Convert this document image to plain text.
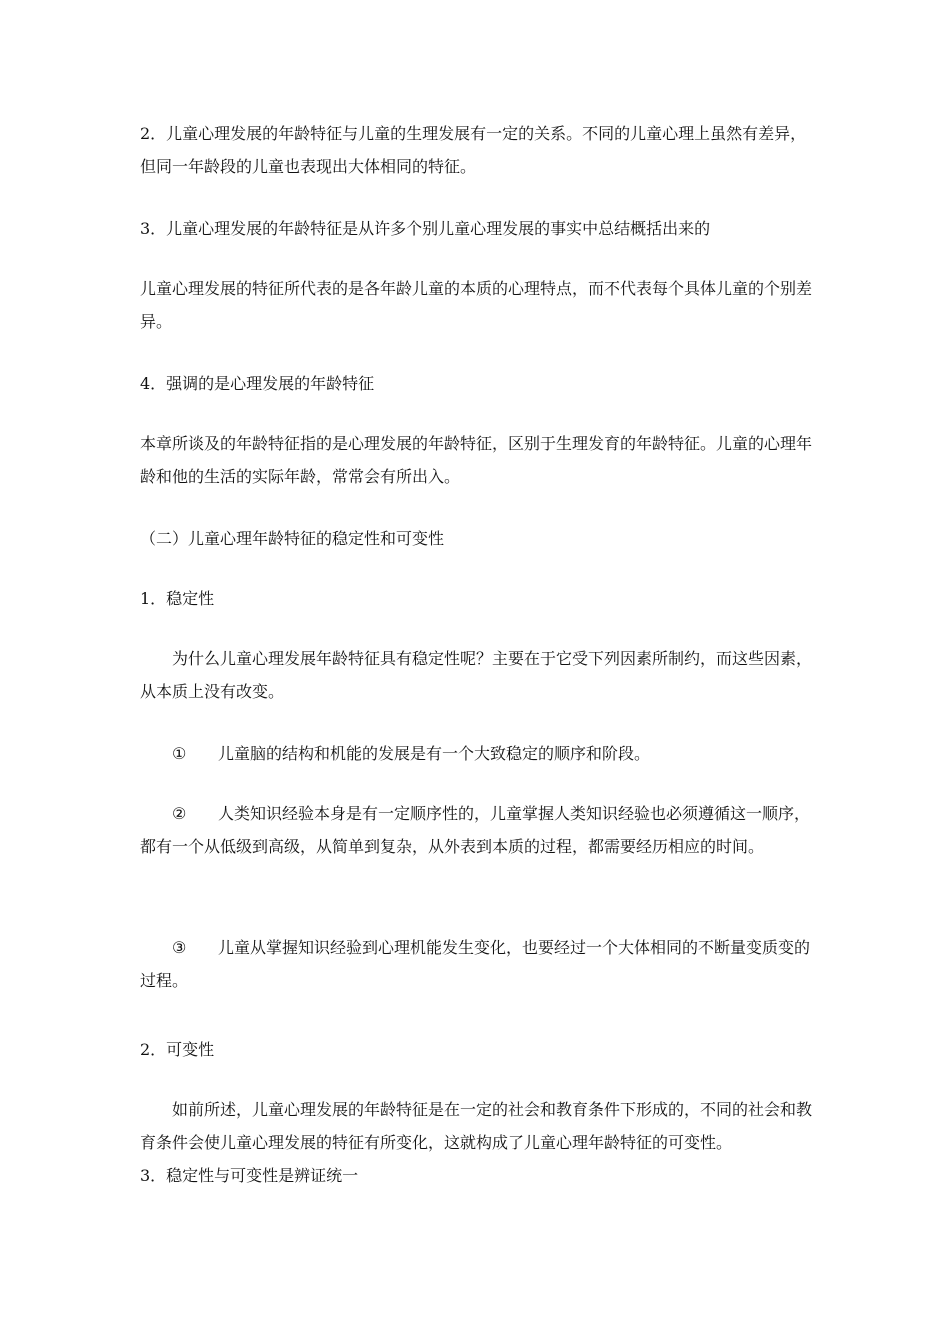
2．儿童心理发展的年龄特征与儿童的生理发展有一定的关系。不同的儿童心理上虽然有差异，但同一年龄段的儿童也表现出大体相同的特征。

3．儿童心理发展的年龄特征是从许多个别儿童心理发展的事实中总结概括出来的

儿童心理发展的特征所代表的是各年龄儿童的本质的心理特点，而不代表每个具体儿童的个别差异。

4．强调的是心理发展的年龄特征

本章所谈及的年龄特征指的是心理发展的年龄特征，区别于生理发育的年龄特征。儿童的心理年龄和他的生活的实际年龄，常常会有所出入。

（二）儿童心理年龄特征的稳定性和可变性

1．稳定性

为什么儿童心理发展年龄特征具有稳定性呢？主要在于它受下列因素所制约，而这些因素，从本质上没有改变。

① 儿童脑的结构和机能的发展是有一个大致稳定的顺序和阶段。

② 人类知识经验本身是有一定顺序性的，儿童掌握人类知识经验也必须遵循这一顺序，都有一个从低级到高级，从简单到复杂，从外表到本质的过程，都需要经历相应的时间。

③ 儿童从掌握知识经验到心理机能发生变化，也要经过一个大体相同的不断量变质变的过程。

2．可变性

如前所述，儿童心理发展的年龄特征是在一定的社会和教育条件下形成的，不同的社会和教育条件会使儿童心理发展的特征有所变化，这就构成了儿童心理年龄特征的可变性。

3．稳定性与可变性是辨证统一
